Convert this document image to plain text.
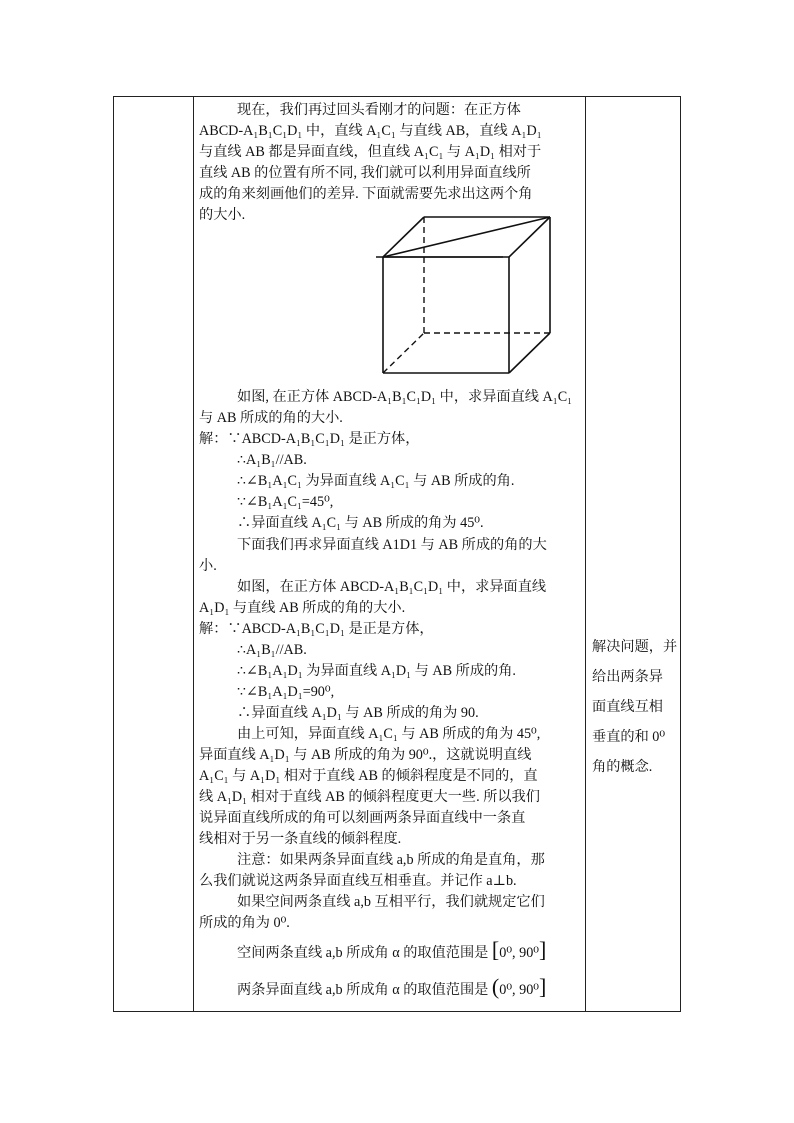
现在，我们再过回头看刚才的问题：在正方体
ABCD-A₁B₁C₁D₁ 中，直线 A₁C₁ 与直线 AB，直线 A₁D₁
与直线 AB 都是异面直线，但直线 A₁C₁ 与 A₁D₁ 相对于
直线 AB 的位置有所不同, 我们就可以利用异面直线所
成的角来刻画他们的差异. 下面就需要先求出这两个角
的大小.
如图, 在正方体 ABCD-A₁B₁C₁D₁ 中，求异面直线 A₁C₁
与 AB 所成的角的大小.
解：∵ABCD-A₁B₁C₁D₁ 是正方体，
∴A₁B₁//AB.
∴∠B₁A₁C₁ 为异面直线 A₁C₁ 与 AB 所成的角.
∵∠B₁A₁C₁=45⁰,
∴异面直线 A₁C₁ 与 AB 所成的角为 45⁰.
下面我们再求异面直线 A1D1 与 AB 所成的角的大
小.
如图，在正方体 ABCD-A₁B₁C₁D₁ 中，求异面直线
A₁D₁ 与直线 AB 所成的角的大小.
解：∵ABCD-A₁B₁C₁D₁ 是正是方体，
∴A₁B₁//AB.
∴∠B₁A₁D₁ 为异面直线 A₁D₁ 与 AB 所成的角.
∵∠B₁A₁D₁=90⁰,
∴异面直线 A₁D₁ 与 AB 所成的角为 90.
由上可知，异面直线 A₁C₁ 与 AB 所成的角为 45⁰,
异面直线 A₁D₁ 与 AB 所成的角为 90⁰.，这就说明直线
A₁C₁ 与 A₁D₁ 相对于直线 AB 的倾斜程度是不同的，直
线 A₁D₁ 相对于直线 AB 的倾斜程度更大一些. 所以我们
说异面直线所成的角可以刻画两条异面直线中一条直
线相对于另一条直线的倾斜程度.
注意：如果两条异面直线 a,b 所成的角是直角，那
么我们就说这两条异面直线互相垂直。并记作 a⊥b.
如果空间两条直线 a,b 互相平行，我们就规定它们
所成的角为 0⁰.
空间两条直线 a,b 所成角 α 的取值范围是 [0⁰, 90⁰]
两条异面直线 a,b 所成角 α 的取值范围是 (0⁰, 90⁰]
解决问题，并
给出两条异
面直线互相
垂直的和 0⁰
角的概念.
